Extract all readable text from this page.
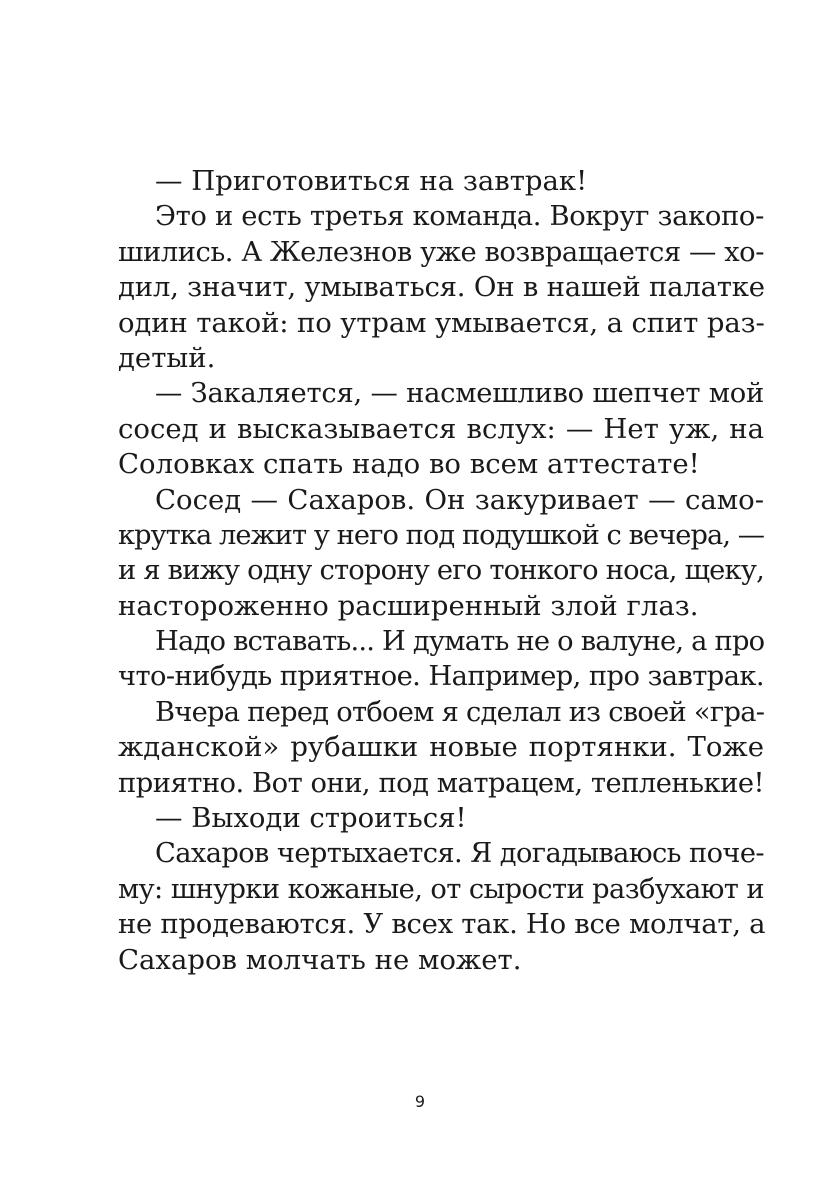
— Приготовиться на завтрак!
Это и есть третья команда. Вокруг закопо-
шились. А Железнов уже возвращается — хо-
дил, значит, умываться. Он в нашей палатке
один такой: по утрам умывается, а спит раз-
детый.
— Закаляется, — насмешливо шепчет мой
сосед и высказывается вслух: — Нет уж, на
Соловках спать надо во всем аттестате!
Сосед — Сахаров. Он закуривает — само-
крутка лежит у него под подушкой с вечера, —
и я вижу одну сторону его тонкого носа, щеку,
настороженно расширенный злой глаз.
Надо вставать... И думать не о валуне, а про
что-нибудь приятное. Например, про завтрак.
Вчера перед отбоем я сделал из своей «гра-
жданской» рубашки новые портянки. Тоже
приятно. Вот они, под матрацем, тепленькие!
— Выходи строиться!
Сахаров чертыхается. Я догадываюсь поче-
му: шнурки кожаные, от сырости разбухают и
не продеваются. У всех так. Но все молчат, а
Сахаров молчать не может.
9
